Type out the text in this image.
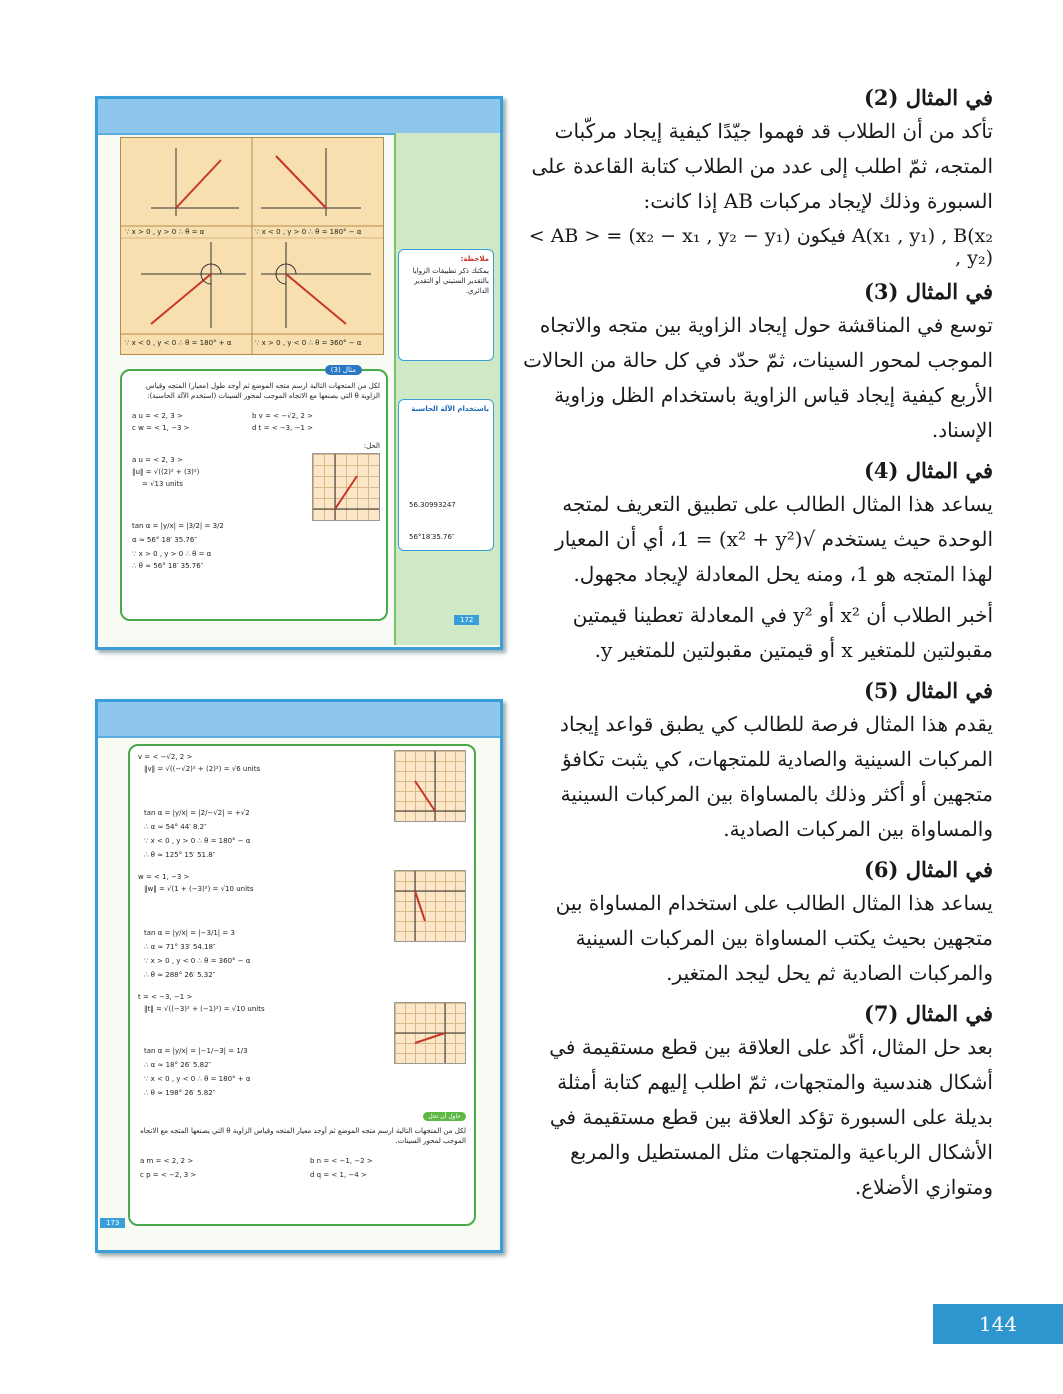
∵ x > 0 , y > 0 ∴ θ = α	∵ x < 0 , y > 0 ∴ θ = 180° − α
∵ x < 0 , y < 0 ∴ θ = 180° + α	∵ x > 0 , y < 0 ∴ θ = 360° − α
ملاحظة:
يمكنك ذكر تطبيقات الزوايا بالتقدير الستيني أو التقدير الدائري.
باستخدام الآلة الحاسبة
56.30993247
56°18′35.76″
مثال (3)
لكل من المتجهات التالية ارسم متجه الموضع ثم أوجد طول (معيار) المتجه وقياس الزاوية θ التي يصنعها مع الاتجاه الموجب لمحور السينات (استخدم الآلة الحاسبة):
a u = < 2, 3 >	b v = < −√2, 2 >
c w = < 1, −3 >	d t = < −3, −1 >
الحل:
a u = < 2, 3 >
‖u‖ = √((2)² + (3)²)
= √13 units
tan α = |y/x| = |3/2| = 3/2
α ≈ 56° 18′ 35.76″
∵ x > 0 , y > 0 ∴ θ = α
∴ θ ≈ 56° 18′ 35.76″
172
v = < −√2, 2 >
‖v‖ = √((−√2)² + (2)²) = √6 units
tan α = |y/x| = |2/−√2| = +√2
∴ α ≈ 54° 44′ 8.2″
∵ x < 0 , y > 0 ∴ θ = 180° − α
∴ θ ≈ 125° 15′ 51.8″
w = < 1, −3 >
‖w‖ = √(1 + (−3)²) = √10 units
tan α = |y/x| = |−3/1| = 3
∴ α ≈ 71° 33′ 54.18″
∵ x > 0 , y < 0 ∴ θ = 360° − α
∴ θ ≈ 288° 26′ 5.32″
t = < −3, −1 >
‖t‖ = √((−3)² + (−1)²) = √10 units
tan α = |y/x| = |−1/−3| = 1/3
∴ α ≈ 18° 26′ 5.82″
∵ x < 0 , y < 0 ∴ θ = 180° + α
∴ θ ≈ 198° 26′ 5.82″
حاول أن تحل
لكل من المتجهات التالية ارسم متجه الموضع ثم أوجد معيار المتجه وقياس الزاوية θ التي يصنعها المتجه مع الاتجاه الموجب لمحور السينات.
a m = < 2, 2 >	b n = < −1, −2 >
c p = < −2, 3 >	d q = < 1, −4 >
173
في المثال (2)
تأكد من أن الطلاب قد فهموا جيّدًا كيفية إيجاد مركّبات المتجه، ثمّ اطلب إلى عدد من الطلاب كتابة القاعدة على السبورة وذلك لإيجاد مركبات AB إذا كانت:
< AB > = (x₂ − x₁ , y₂ − y₁) فيكون A(x₁ , y₁) , B(x₂ , y₂)
في المثال (3)
توسع في المناقشة حول إيجاد الزاوية بين متجه والاتجاه الموجب لمحور السينات، ثمّ حدّد في كل حالة من الحالات الأربع كيفية إيجاد قياس الزاوية باستخدام الظل وزاوية الإسناد.
في المثال (4)
يساعد هذا المثال الطالب على تطبيق التعريف لمتجه الوحدة حيث يستخدم √(x² + y²) = 1، أي أن المعيار لهذا المتجه هو 1، ومنه يحل المعادلة لإيجاد مجهول.
أخبر الطلاب أن x² أو y² في المعادلة تعطينا قيمتين مقبولتين للمتغير x أو قيمتين مقبولتين للمتغير y.
في المثال (5)
يقدم هذا المثال فرصة للطالب كي يطبق قواعد إيجاد المركبات السينية والصادية للمتجهات، كي يثبت تكافؤ متجهين أو أكثر وذلك بالمساواة بين المركبات السينية والمساواة بين المركبات الصادية.
في المثال (6)
يساعد هذا المثال الطالب على استخدام المساواة بين متجهين بحيث يكتب المساواة بين المركبات السينية والمركبات الصادية ثم يحل ليجد المتغير.
في المثال (7)
بعد حل المثال، أكّد على العلاقة بين قطع مستقيمة في أشكال هندسية والمتجهات، ثمّ اطلب إليهم كتابة أمثلة بديلة على السبورة تؤكد العلاقة بين قطع مستقيمة في الأشكال الرباعية والمتجهات مثل المستطيل والمربع ومتوازي الأضلاع.
144
